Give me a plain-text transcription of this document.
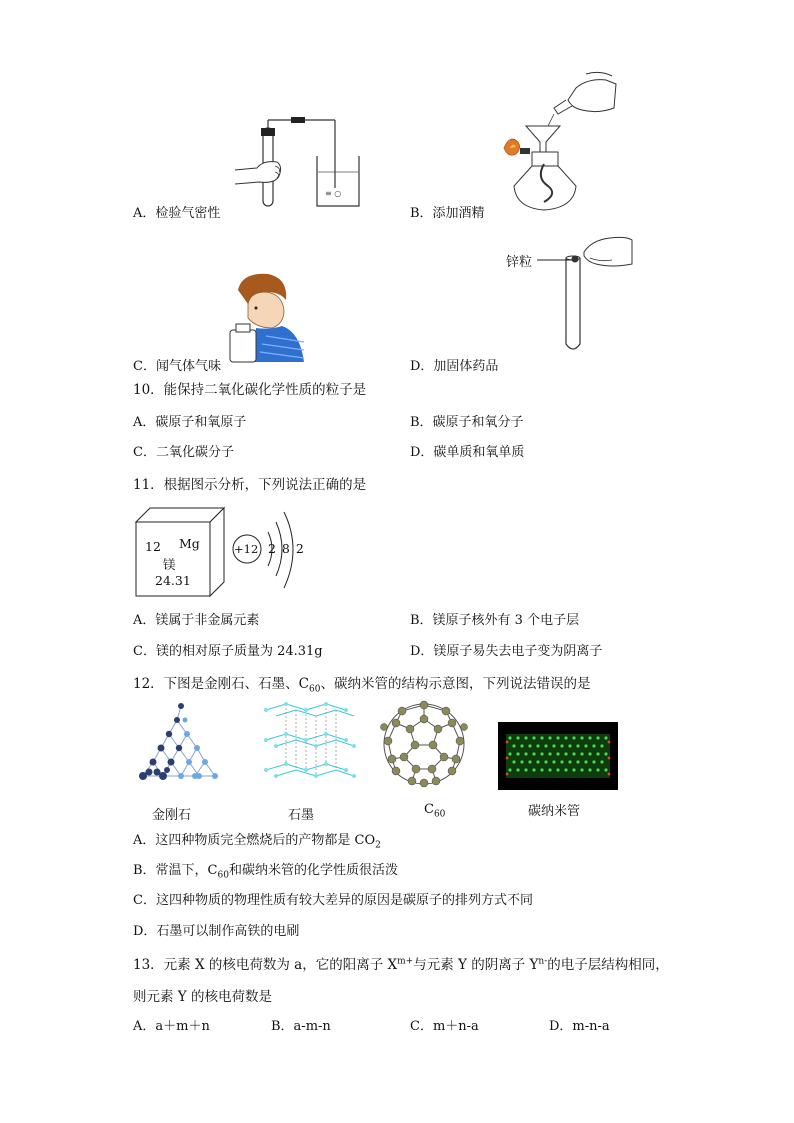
≡ ○
A．检验气密性	B．添加酒精
锌粒
C．闻气体气味	D．加固体药品
10．能保持二氧化碳化学性质的粒子是
A．碳原子和氧原子	B．碳原子和氧分子
C．二氧化碳分子	D．碳单质和氧单质
11．根据图示分析，下列说法正确的是
12 Mg
镁
24.31
+12 2 8 2
A．镁属于非金属元素	B．镁原子核外有 3 个电子层
C．镁的相对原子质量为 24.31g	D．镁原子易失去电子变为阴离子
12．下图是金刚石、石墨、$C_{60}$、碳纳米管的结构示意图，下列说法错误的是
金刚石	石墨	$C_{60}$	碳纳米管
A．这四种物质完全燃烧后的产物都是 $CO_2$
B．常温下，$C_{60}$和碳纳米管的化学性质很活泼
C．这四种物质的物理性质有较大差异的原因是碳原子的排列方式不同
D．石墨可以制作高铁的电刷
13．元素 X 的核电荷数为 a，它的阳离子 $X^{m+}$与元素 Y 的阴离子 $Y^{n-}$的电子层结构相同，
则元素 Y 的核电荷数是
A．a＋m＋n	B．a-m-n	C．m＋n-a	D．m-n-a
